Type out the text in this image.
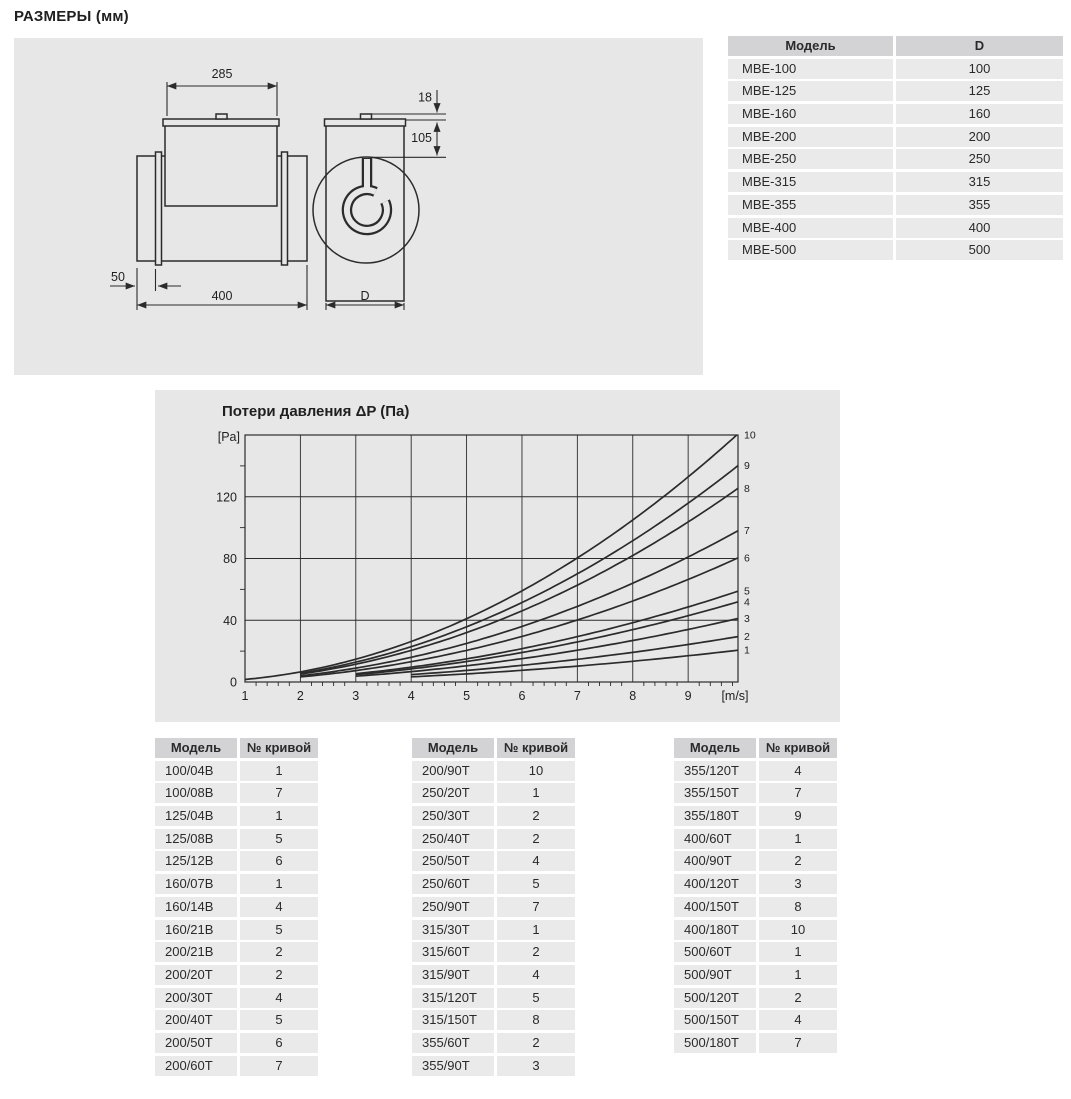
РАЗМЕРЫ (мм)
285
18
105
50
400	D
Модель	D
MBE-100	100
MBE-125	125
MBE-160	160
MBE-200	200
MBE-250	250
MBE-315	315
MBE-355	355
MBE-400	400
MBE-500	500
Потери давления ΔP (Па)
1	2	3	4	5	6	7	8	9 [m/s]
0
40
80
120
[Pa]
1
2
3
4
5
6
7
8
9
10
Модель	№ кривой
100/04B	1
100/08B	7
125/04B	1
125/08B	5
125/12B	6
160/07B	1
160/14B	4
160/21B	5
200/21B	2
200/20T	2
200/30T	4
200/40T	5
200/50T	6
200/60T	7
Модель	№ кривой
200/90T	10
250/20T	1
250/30T	2
250/40T	2
250/50T	4
250/60T	5
250/90T	7
315/30T	1
315/60T	2
315/90T	4
315/120T	5
315/150T	8
355/60T	2
355/90T	3
Модель	№ кривой
355/120T	4
355/150T	7
355/180T	9
400/60T	1
400/90T	2
400/120T	3
400/150T	8
400/180T	10
500/60T	1
500/90T	1
500/120T	2
500/150T	4
500/180T	7
